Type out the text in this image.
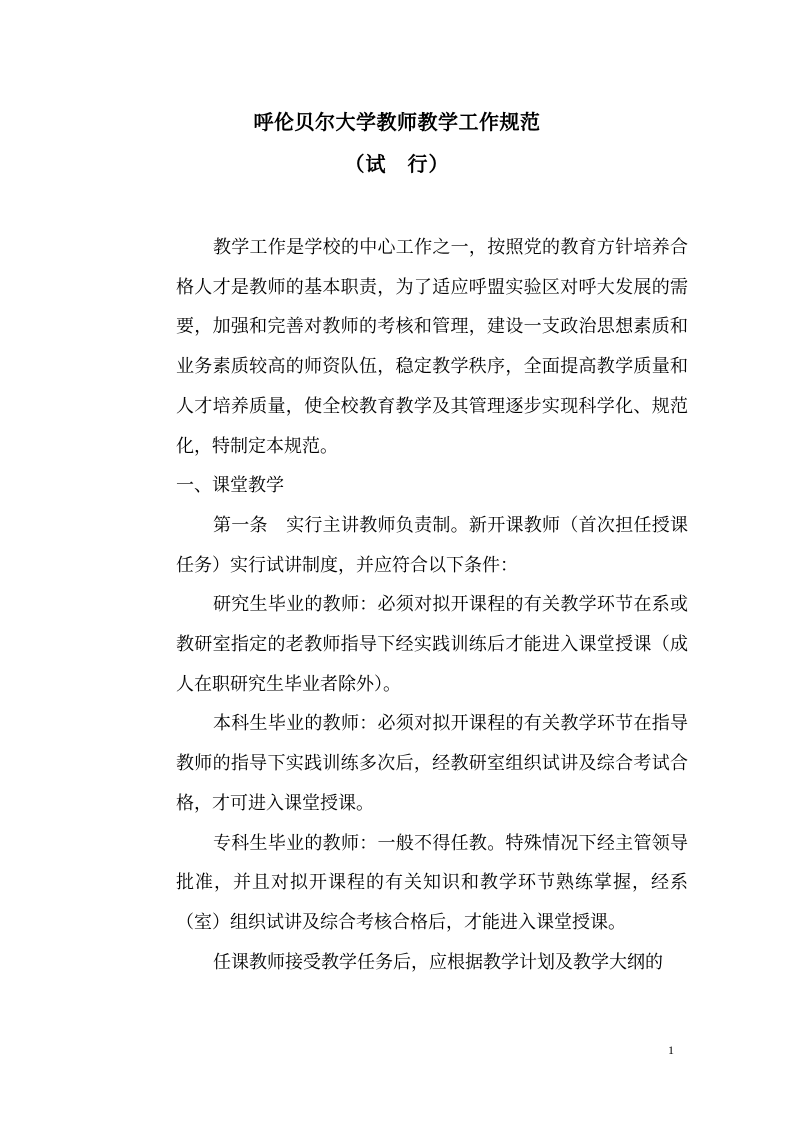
呼伦贝尔大学教师教学工作规范
（试　行）

教学工作是学校的中心工作之一，按照党的教育方针培养合格人才是教师的基本职责，为了适应呼盟实验区对呼大发展的需要，加强和完善对教师的考核和管理，建设一支政治思想素质和业务素质较高的师资队伍，稳定教学秩序，全面提高教学质量和人才培养质量，使全校教育教学及其管理逐步实现科学化、规范化，特制定本规范。

一、课堂教学

第一条　实行主讲教师负责制。新开课教师（首次担任授课任务）实行试讲制度，并应符合以下条件：

研究生毕业的教师：必须对拟开课程的有关教学环节在系或教研室指定的老教师指导下经实践训练后才能进入课堂授课（成人在职研究生毕业者除外）。

本科生毕业的教师：必须对拟开课程的有关教学环节在指导教师的指导下实践训练多次后，经教研室组织试讲及综合考试合格，才可进入课堂授课。

专科生毕业的教师：一般不得任教。特殊情况下经主管领导批准，并且对拟开课程的有关知识和教学环节熟练掌握，经系（室）组织试讲及综合考核合格后，才能进入课堂授课。

任课教师接受教学任务后，应根据教学计划及教学大纲的

1
